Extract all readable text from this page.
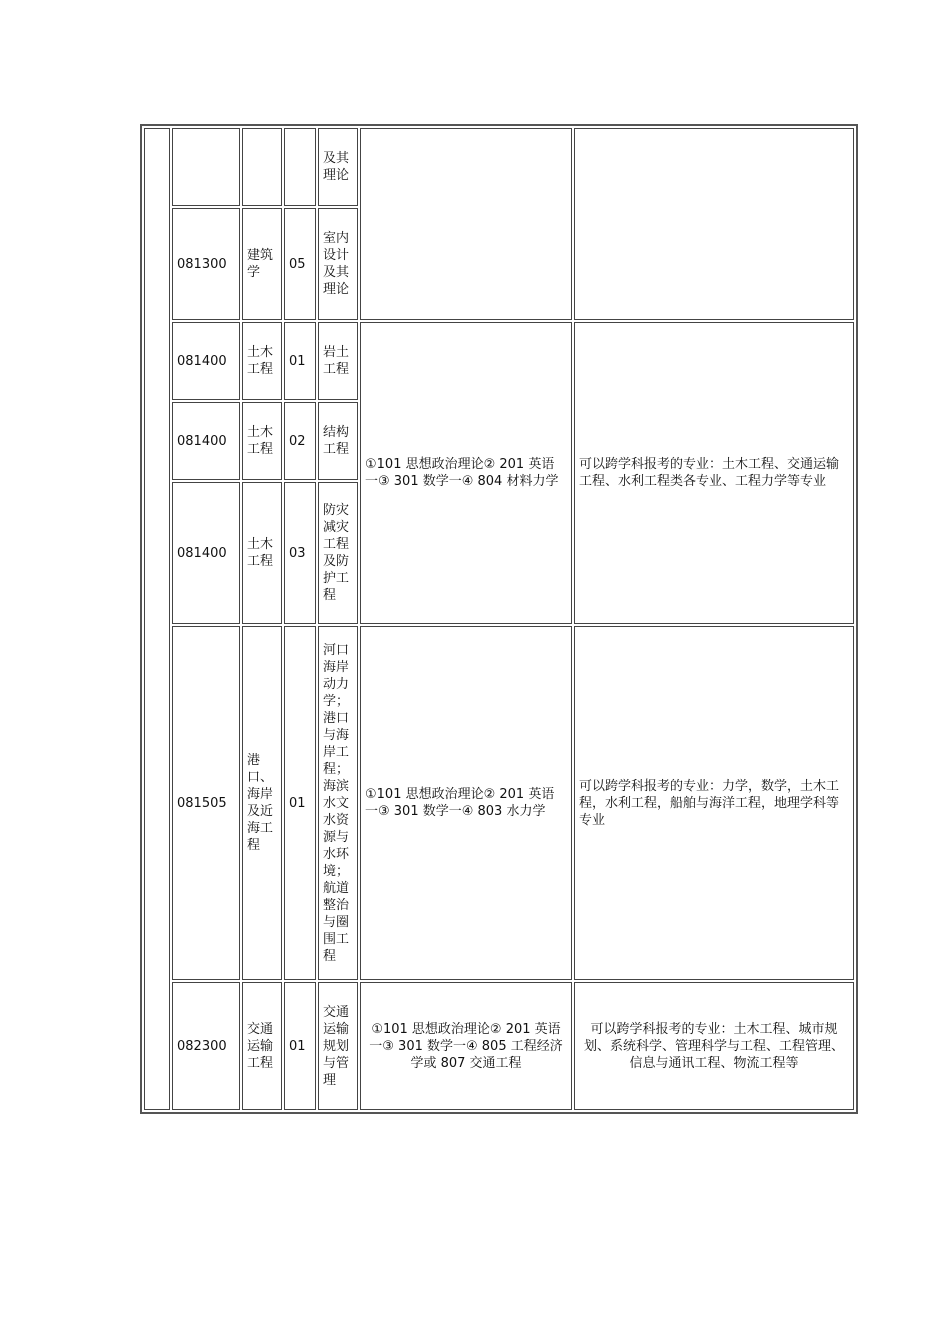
				及其理论		
	081300	建筑学	05	室内设计及其理论		
	081400	土木工程	01	岩土工程	①101 思想政治理论② 201 英语一③ 301 数学一④ 804 材料力学	可以跨学科报考的专业：土木工程、交通运输工程、水利工程类各专业、工程力学等专业
	081400	土木工程	02	结构工程		
	081400	土木工程	03	防灾减灾工程及防护工程		
	081505	港口、海岸及近海工程	01	河口海岸动力学；港口与海岸工程；海滨水文水资源与水环境；航道整治与圈围工程	①101 思想政治理论② 201 英语一③ 301 数学一④ 803 水力学	可以跨学科报考的专业：力学，数学，土木工程，水利工程，船舶与海洋工程，地理学科等专业
	082300	交通运输工程	01	交通运输规划与管理	①101 思想政治理论② 201 英语一③ 301 数学一④ 805 工程经济学或 807 交通工程	可以跨学科报考的专业：土木工程、城市规划、系统科学、管理科学与工程、工程管理、信息与通讯工程、物流工程等
